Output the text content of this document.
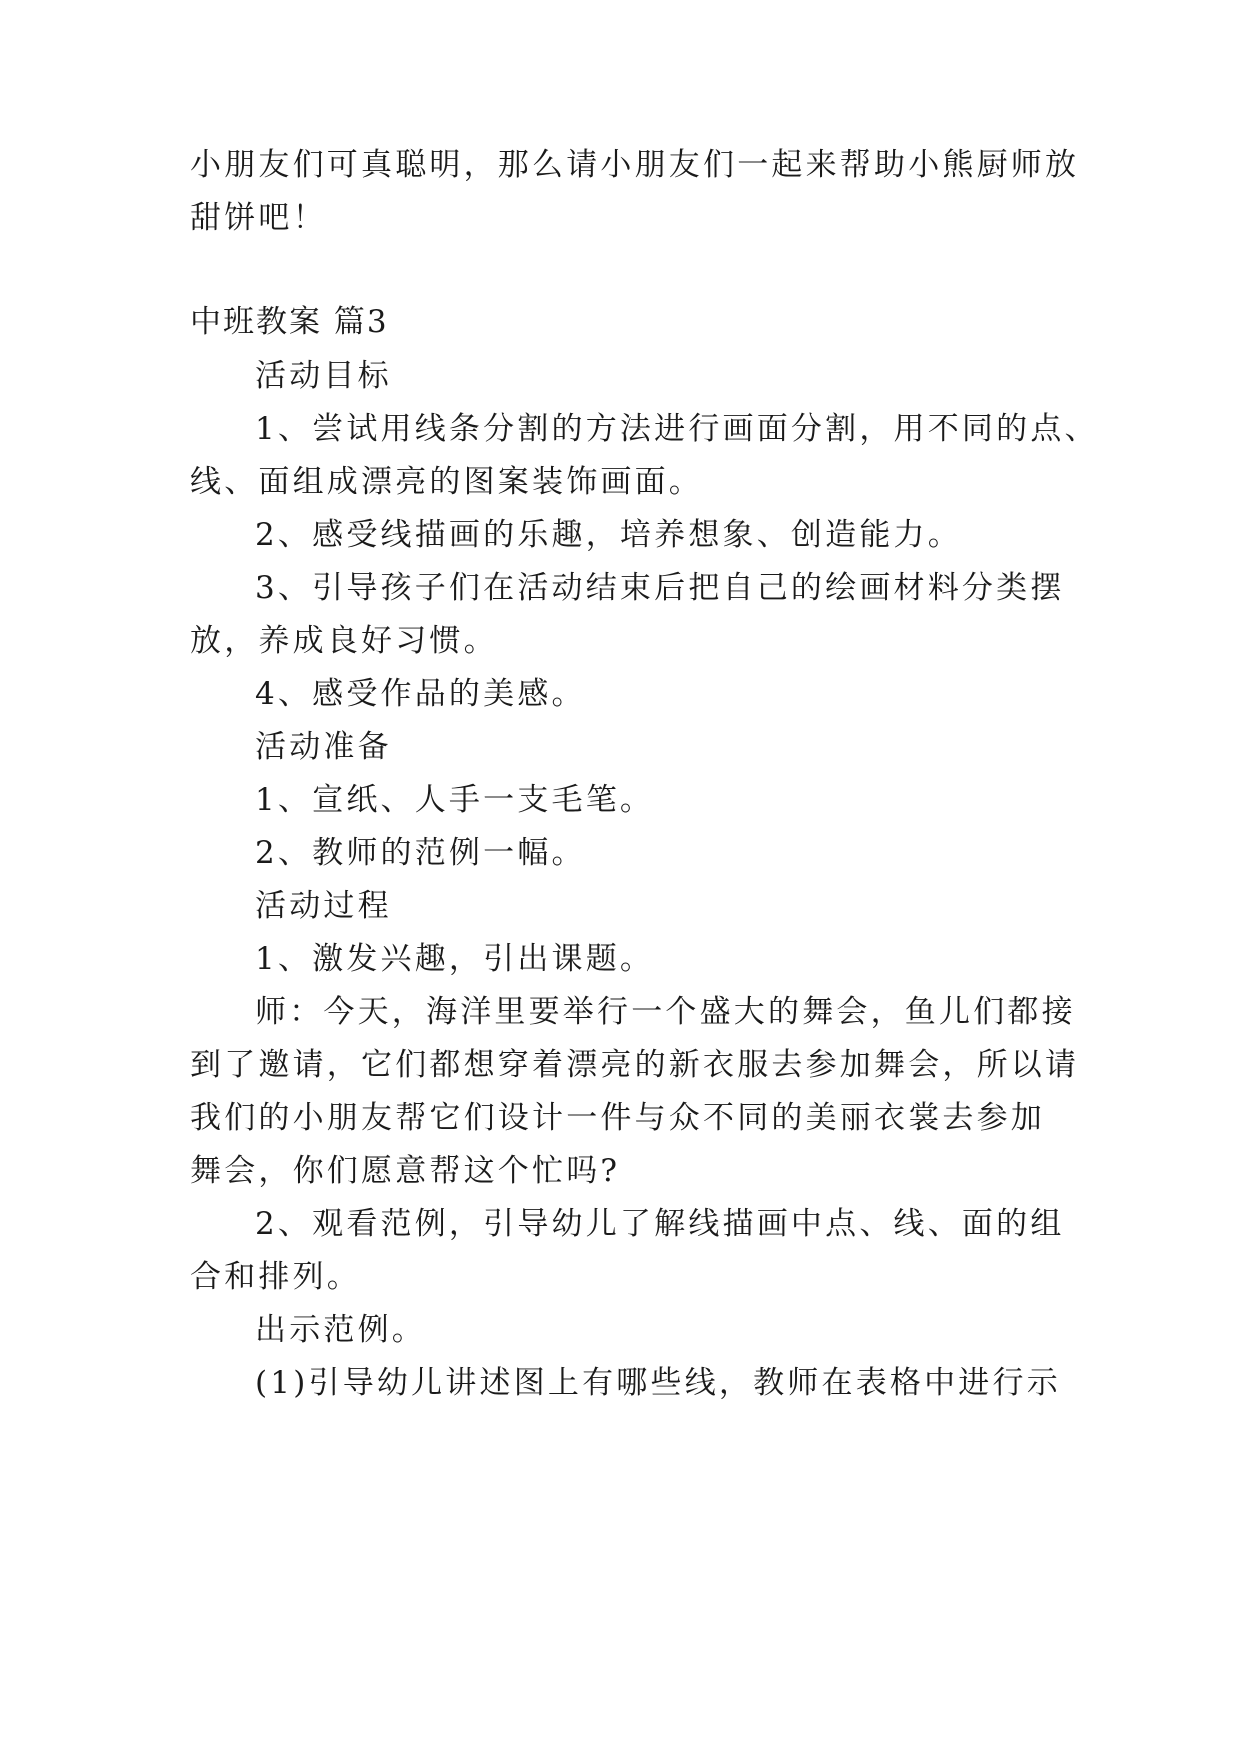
小朋友们可真聪明，那么请小朋友们一起来帮助小熊厨师放
甜饼吧！
中班教案 篇3
活动目标
1、尝试用线条分割的方法进行画面分割，用不同的点、
线、面组成漂亮的图案装饰画面。
2、感受线描画的乐趣，培养想象、创造能力。
3、引导孩子们在活动结束后把自己的绘画材料分类摆
放，养成良好习惯。
4、感受作品的美感。
活动准备
1、宣纸、人手一支毛笔。
2、教师的范例一幅。
活动过程
1、激发兴趣，引出课题。
师：今天，海洋里要举行一个盛大的舞会，鱼儿们都接
到了邀请，它们都想穿着漂亮的新衣服去参加舞会，所以请
我们的小朋友帮它们设计一件与众不同的美丽衣裳去参加
舞会，你们愿意帮这个忙吗?
2、观看范例，引导幼儿了解线描画中点、线、面的组
合和排列。
出示范例。
(1)引导幼儿讲述图上有哪些线，教师在表格中进行示
